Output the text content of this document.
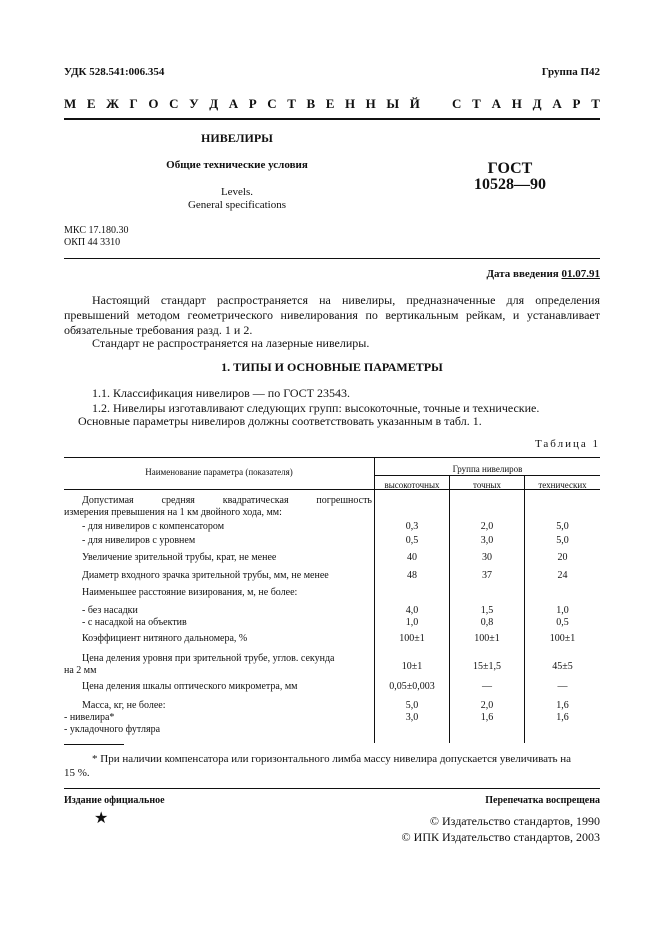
УДК 528.541:006.354	Группа П42
М Е Ж Г О С У Д А Р С Т В Е Н Н Ы Й С Т А Н Д А Р Т
НИВЕЛИРЫ
Общие технические условия
Levels.
General specifications
ГОСТ
10528—90
МКС 17.180.30
ОКП 44 3310
Дата введения 01.07.91
Настоящий стандарт распространяется на нивелиры, предназначенные для определения превышений методом геометрического нивелирования по вертикальным рейкам, и устанавливает обязательные требования разд. 1 и 2.
Стандарт не распространяется на лазерные нивелиры.
1. ТИПЫ И ОСНОВНЫЕ ПАРАМЕТРЫ
1.1. Классификация нивелиров — по ГОСТ 23543.
1.2. Нивелиры изготавливают следующих групп: высокоточные, точные и технические.
Основные параметры нивелиров должны соответствовать указанным в табл. 1.
Таблица 1
Наименование параметра (показателя)	Группа нивелиров
высокоточных	точных	технических
Допустимая средняя квадратическая погрешность
измерения превышения на 1 км двойного хода, мм:
- для нивелиров с компенсатором	0,3	2,0	5,0
- для нивелиров с уровнем	0,5	3,0	5,0
Увеличение зрительной трубы, крат, не менее	40	30	20
Диаметр входного зрачка зрительной трубы, мм, не менее	48	37	24
Наименьшее расстояние визирования, м, не более:
- без насадки	4,0	1,5	1,0
- с насадкой на объектив	1,0	0,8	0,5
Коэффициент нитяного дальномера, %	100±1	100±1	100±1
Цена деления уровня при зрительной трубе, углов. секунда
на 2 мм	10±1	15±1,5	45±5
Цена деления шкалы оптического микрометра, мм	0,05±0,003	—	—
Масса, кг, не более:	5,0	2,0	1,6
- нивелира*	3,0	1,6	1,6
- укладочного футляра
* При наличии компенсатора или горизонтального лимба массу нивелира допускается увеличивать на
15 %.
Издание официальное	Перепечатка воспрещена
★	© Издательство стандартов, 1990
© ИПК Издательство стандартов, 2003
